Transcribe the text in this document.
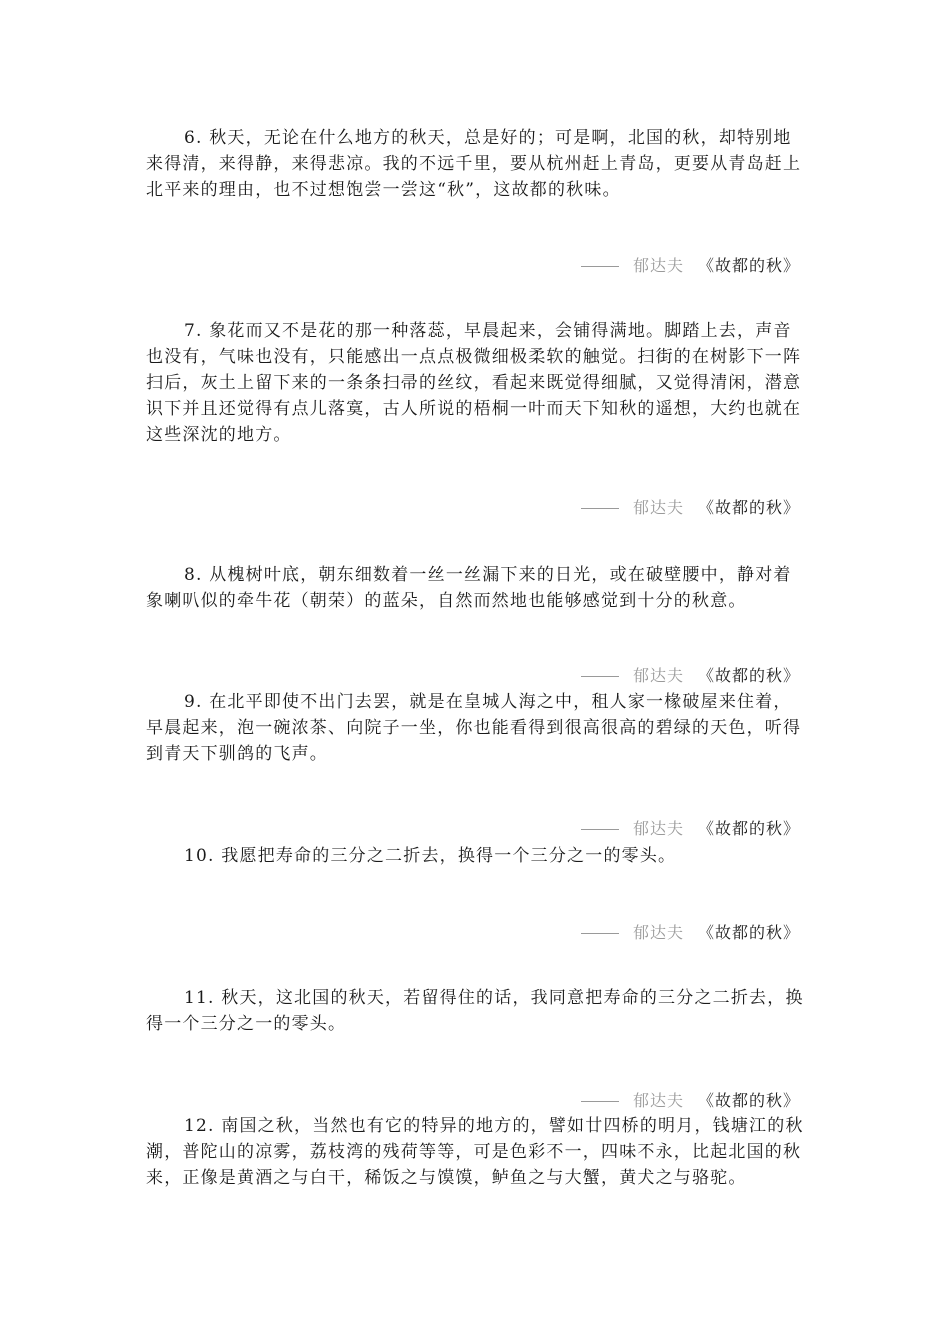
6. 秋天，无论在什么地方的秋天，总是好的；可是啊，北国的秋，却特别地来得清，来得静，来得悲凉。我的不远千里，要从杭州赶上青岛，更要从青岛赶上北平来的理由，也不过想饱尝一尝这“秋”，这故都的秋味。

郁达夫 《故都的秋》

7. 象花而又不是花的那一种落蕊，早晨起来，会铺得满地。脚踏上去，声音也没有，气味也没有，只能感出一点点极微细极柔软的触觉。扫街的在树影下一阵扫后，灰土上留下来的一条条扫帚的丝纹，看起来既觉得细腻，又觉得清闲，潜意识下并且还觉得有点儿落寞，古人所说的梧桐一叶而天下知秋的遥想，大约也就在这些深沈的地方。

郁达夫 《故都的秋》

8. 从槐树叶底，朝东细数着一丝一丝漏下来的日光，或在破壁腰中，静对着象喇叭似的牵牛花（朝荣）的蓝朵，自然而然地也能够感觉到十分的秋意。

郁达夫 《故都的秋》

9. 在北平即使不出门去罢，就是在皇城人海之中，租人家一椽破屋来住着，早晨起来，泡一碗浓茶、向院子一坐，你也能看得到很高很高的碧绿的天色，听得到青天下驯鸽的飞声。

郁达夫 《故都的秋》

10. 我愿把寿命的三分之二折去，换得一个三分之一的零头。

郁达夫 《故都的秋》

11. 秋天，这北国的秋天，若留得住的话，我同意把寿命的三分之二折去，换得一个三分之一的零头。

郁达夫 《故都的秋》

12. 南国之秋，当然也有它的特异的地方的，譬如廿四桥的明月，钱塘江的秋潮，普陀山的凉雾，荔枝湾的残荷等等，可是色彩不一，四味不永，比起北国的秋来，正像是黄酒之与白干，稀饭之与馍馍，鲈鱼之与大蟹，黄犬之与骆驼。
